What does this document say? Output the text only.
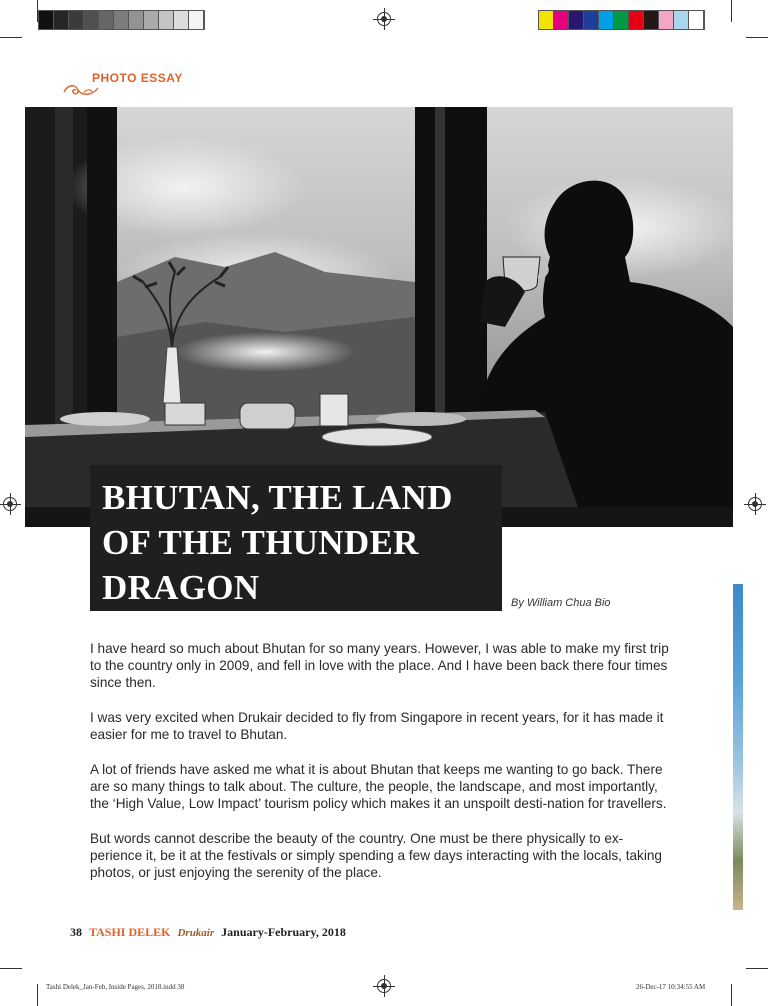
PHOTO ESSAY
BHUTAN, THE LAND
OF THE THUNDER
DRAGON	By William Chua Bio

I have heard so much about Bhutan for so many years. However, I was able to make my first trip to the country only in 2009, and fell in love with the place. And I have been back there four times since then.

I was very excited when Drukair decided to fly from Singapore in recent years, for it has made it easier for me to travel to Bhutan.

A lot of friends have asked me what it is about Bhutan that keeps me wanting to go back. There are so many things to talk about. The culture, the people, the landscape, and most importantly, the ‘High Value, Low Impact’ tourism policy which makes it an unspoilt desti-nation for travellers.

But words cannot describe the beauty of the country. One must be there physically to ex-perience it, be it at the festivals or simply spending a few days interacting with the locals, taking photos, or just enjoying the serenity of the place.

38 TASHI DELEK Drukair January-February, 2018
Tashi Delek_Jan-Feb, Inside Pages, 2018.indd 38	26-Dec-17 10:34:55 AM
